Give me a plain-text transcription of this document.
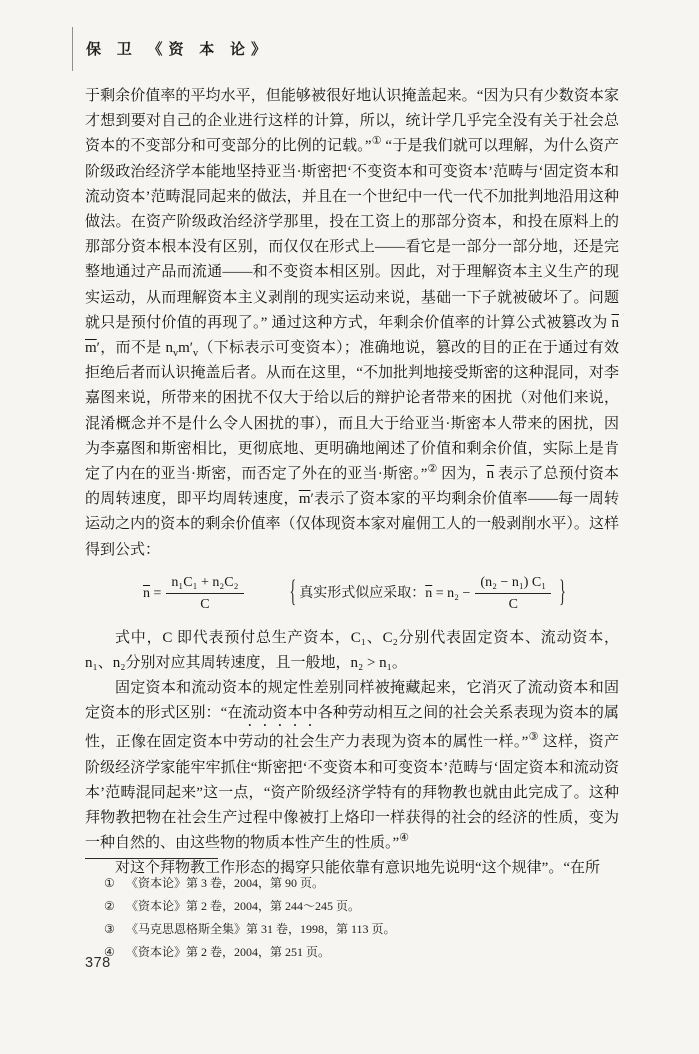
保 卫 《资 本 论》

于剩余价值率的平均水平，但能够被很好地认识掩盖起来。“因为只有少数资本家才想到要对自己的企业进行这样的计算，所以，统计学几乎完全没有关于社会总资本的不变部分和可变部分的比例的记载。”① “于是我们就可以理解，为什么资产阶级政治经济学本能地坚持亚当·斯密把‘不变资本和可变资本’范畴与‘固定资本和流动资本’范畴混同起来的做法，并且在一个世纪中一代一代不加批判地沿用这种做法。在资产阶级政治经济学那里，投在工资上的那部分资本，和投在原料上的那部分资本根本没有区别，而仅仅在形式上——看它是一部分一部分地，还是完整地通过产品而流通——和不变资本相区别。因此，对于理解资本主义生产的现实运动，从而理解资本主义剥削的现实运动来说，基础一下子就被破坏了。问题就只是预付价值的再现了。” 通过这种方式，年剩余价值率的计算公式被篡改为 $\overline{n}$ $\overline{m}'$，而不是 $n_vm'_v$（下标表示可变资本）；准确地说，篡改的目的正在于通过有效拒绝后者而认识掩盖后者。从而在这里，“不加批判地接受斯密的这种混同，对李嘉图来说，所带来的困扰不仅大于给以后的辩护论者带来的困扰（对他们来说，混淆概念并不是什么令人困扰的事），而且大于给亚当·斯密本人带来的困扰，因为李嘉图和斯密相比，更彻底地、更明确地阐述了价值和剩余价值，实际上是肯定了内在的亚当·斯密，而否定了外在的亚当·斯密。”② 因为，$\overline{n}$ 表示了总预付资本的周转速度，即平均周转速度，$\overline{m}'$表示了资本家的平均剩余价值率——每一周转运动之内的资本的剩余价值率（仅体现资本家对雇佣工人的一般剥削水平）。这样得到公式：

$\overline{n} = \frac{\text{n₁C₁ + n₂C₂}}{C}$	{ 真实形式似应采取： $\overline{n} = n_2 - \frac{\text{(n₂ − n₁) C₁}}{C}$ }

式中，C 即代表预付总生产资本，C₁、C₂分别代表固定资本、流动资本，n₁、n₂分别对应其周转速度，且一般地，n₂ > n₁。

固定资本和流动资本的规定性差别同样被掩藏起来，它消灭了流动资本和固定资本的形式区别：“在流动资本中各种劳动相互之间的社会关系表现为资本的属性，正像在固定资本中劳动的社会生产力表现为资本的属性一样。”③ 这样，资产阶级经济学家能牢牢抓住“斯密把‘不变资本和可变资本’范畴与‘固定资本和流动资本’范畴混同起来”这一点，“资产阶级经济学特有的拜物教也就由此完成了。这种拜物教把物在社会生产过程中像被打上烙印一样获得的社会的经济的性质，变为一种自然的、由这些物的物质本性产生的性质。”④

对这个拜物教工作形态的揭穿只能依靠有意识地先说明“这个规律”。“在所

① 《资本论》第 3 卷，2004，第 90 页。
② 《资本论》第 2 卷，2004，第 244～245 页。
③ 《马克思恩格斯全集》第 31 卷，1998，第 113 页。
④ 《资本论》第 2 卷，2004，第 251 页。
378
